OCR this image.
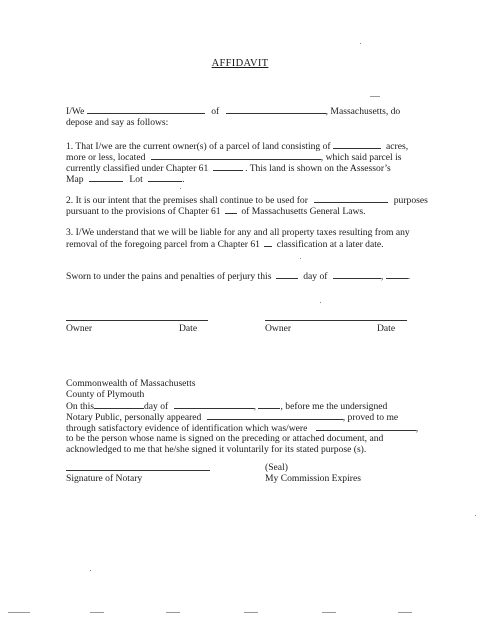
AFFIDAVIT
I/We	of	, Massachusetts, do
depose and say as follows:
1. That I/we are the current owner(s) of a parcel of land consisting of	acres,
more or less, located	, which said parcel is
currently classified under Chapter 61	. This land is shown on the Assessor’s
Map	Lot	.
2. It is our intent that the premises shall continue to be used for	purposes
pursuant to the provisions of Chapter 61 of Massachusetts General Laws.
3. I/We understand that we will be liable for any and all property taxes resulting from any
removal of the foregoing parcel from a Chapter 61 classification at a later date.
Sworn to under the pains and penalties of perjury this	day of	,	.
Owner	Date	Owner	Date
Commonwealth of Massachusetts
County of Plymouth
On this	day of	,	, before me the undersigned
Notary Public, personally appeared	, proved to me
through satisfactory evidence of identification which was/were	,
to be the person whose name is signed on the preceding or attached document, and
acknowledged to me that he/she signed it voluntarily for its stated purpose (s).
(Seal)
Signature of Notary	My Commission Expires
